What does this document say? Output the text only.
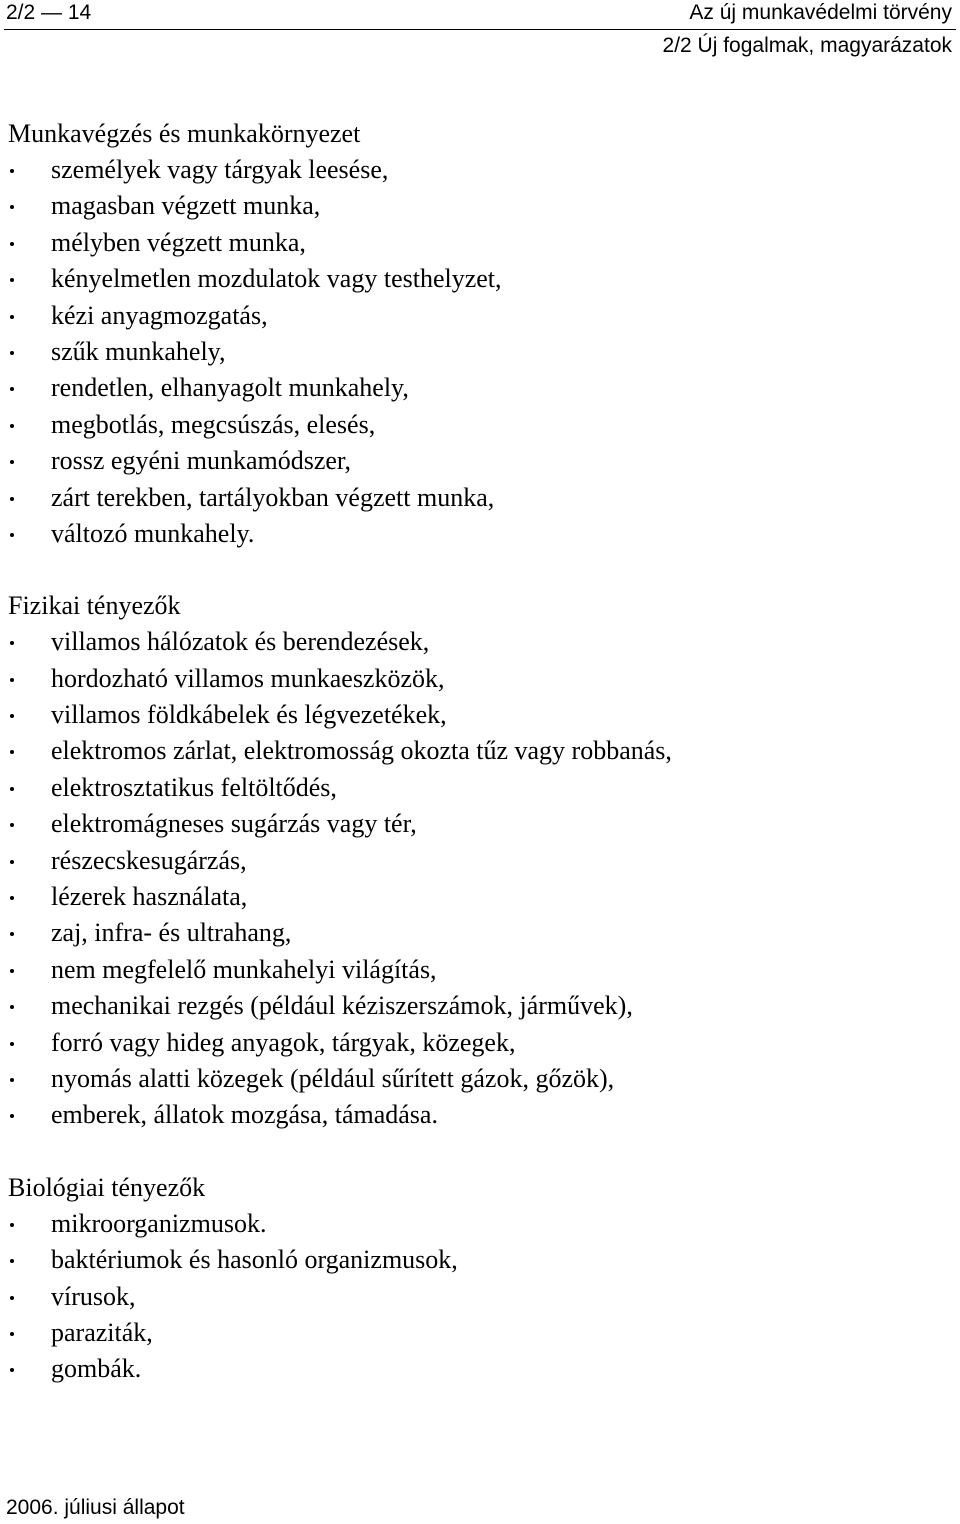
2/2 — 14	Az új munkavédelmi törvény
2/2 Új fogalmak, magyarázatok
Munkavégzés és munkakörnyezet
személyek vagy tárgyak leesése,
magasban végzett munka,
mélyben végzett munka,
kényelmetlen mozdulatok vagy testhelyzet,
kézi anyagmozgatás,
szűk munkahely,
rendetlen, elhanyagolt munkahely,
megbotlás, megcsúszás, elesés,
rossz egyéni munkamódszer,
zárt terekben, tartályokban végzett munka,
változó munkahely.
Fizikai tényezők
villamos hálózatok és berendezések,
hordozható villamos munkaeszközök,
villamos földkábelek és légvezetékek,
elektromos zárlat, elektromosság okozta tűz vagy robbanás,
elektrosztatikus feltöltődés,
elektromágneses sugárzás vagy tér,
részecskesugárzás,
lézerek használata,
zaj, infra- és ultrahang,
nem megfelelő munkahelyi világítás,
mechanikai rezgés (például kéziszerszámok, járművek),
forró vagy hideg anyagok, tárgyak, közegek,
nyomás alatti közegek (például sűrített gázok, gőzök),
emberek, állatok mozgása, támadása.
Biológiai tényezők
mikroorganizmusok.
baktériumok és hasonló organizmusok,
vírusok,
paraziták,
gombák.
2006. júliusi állapot
